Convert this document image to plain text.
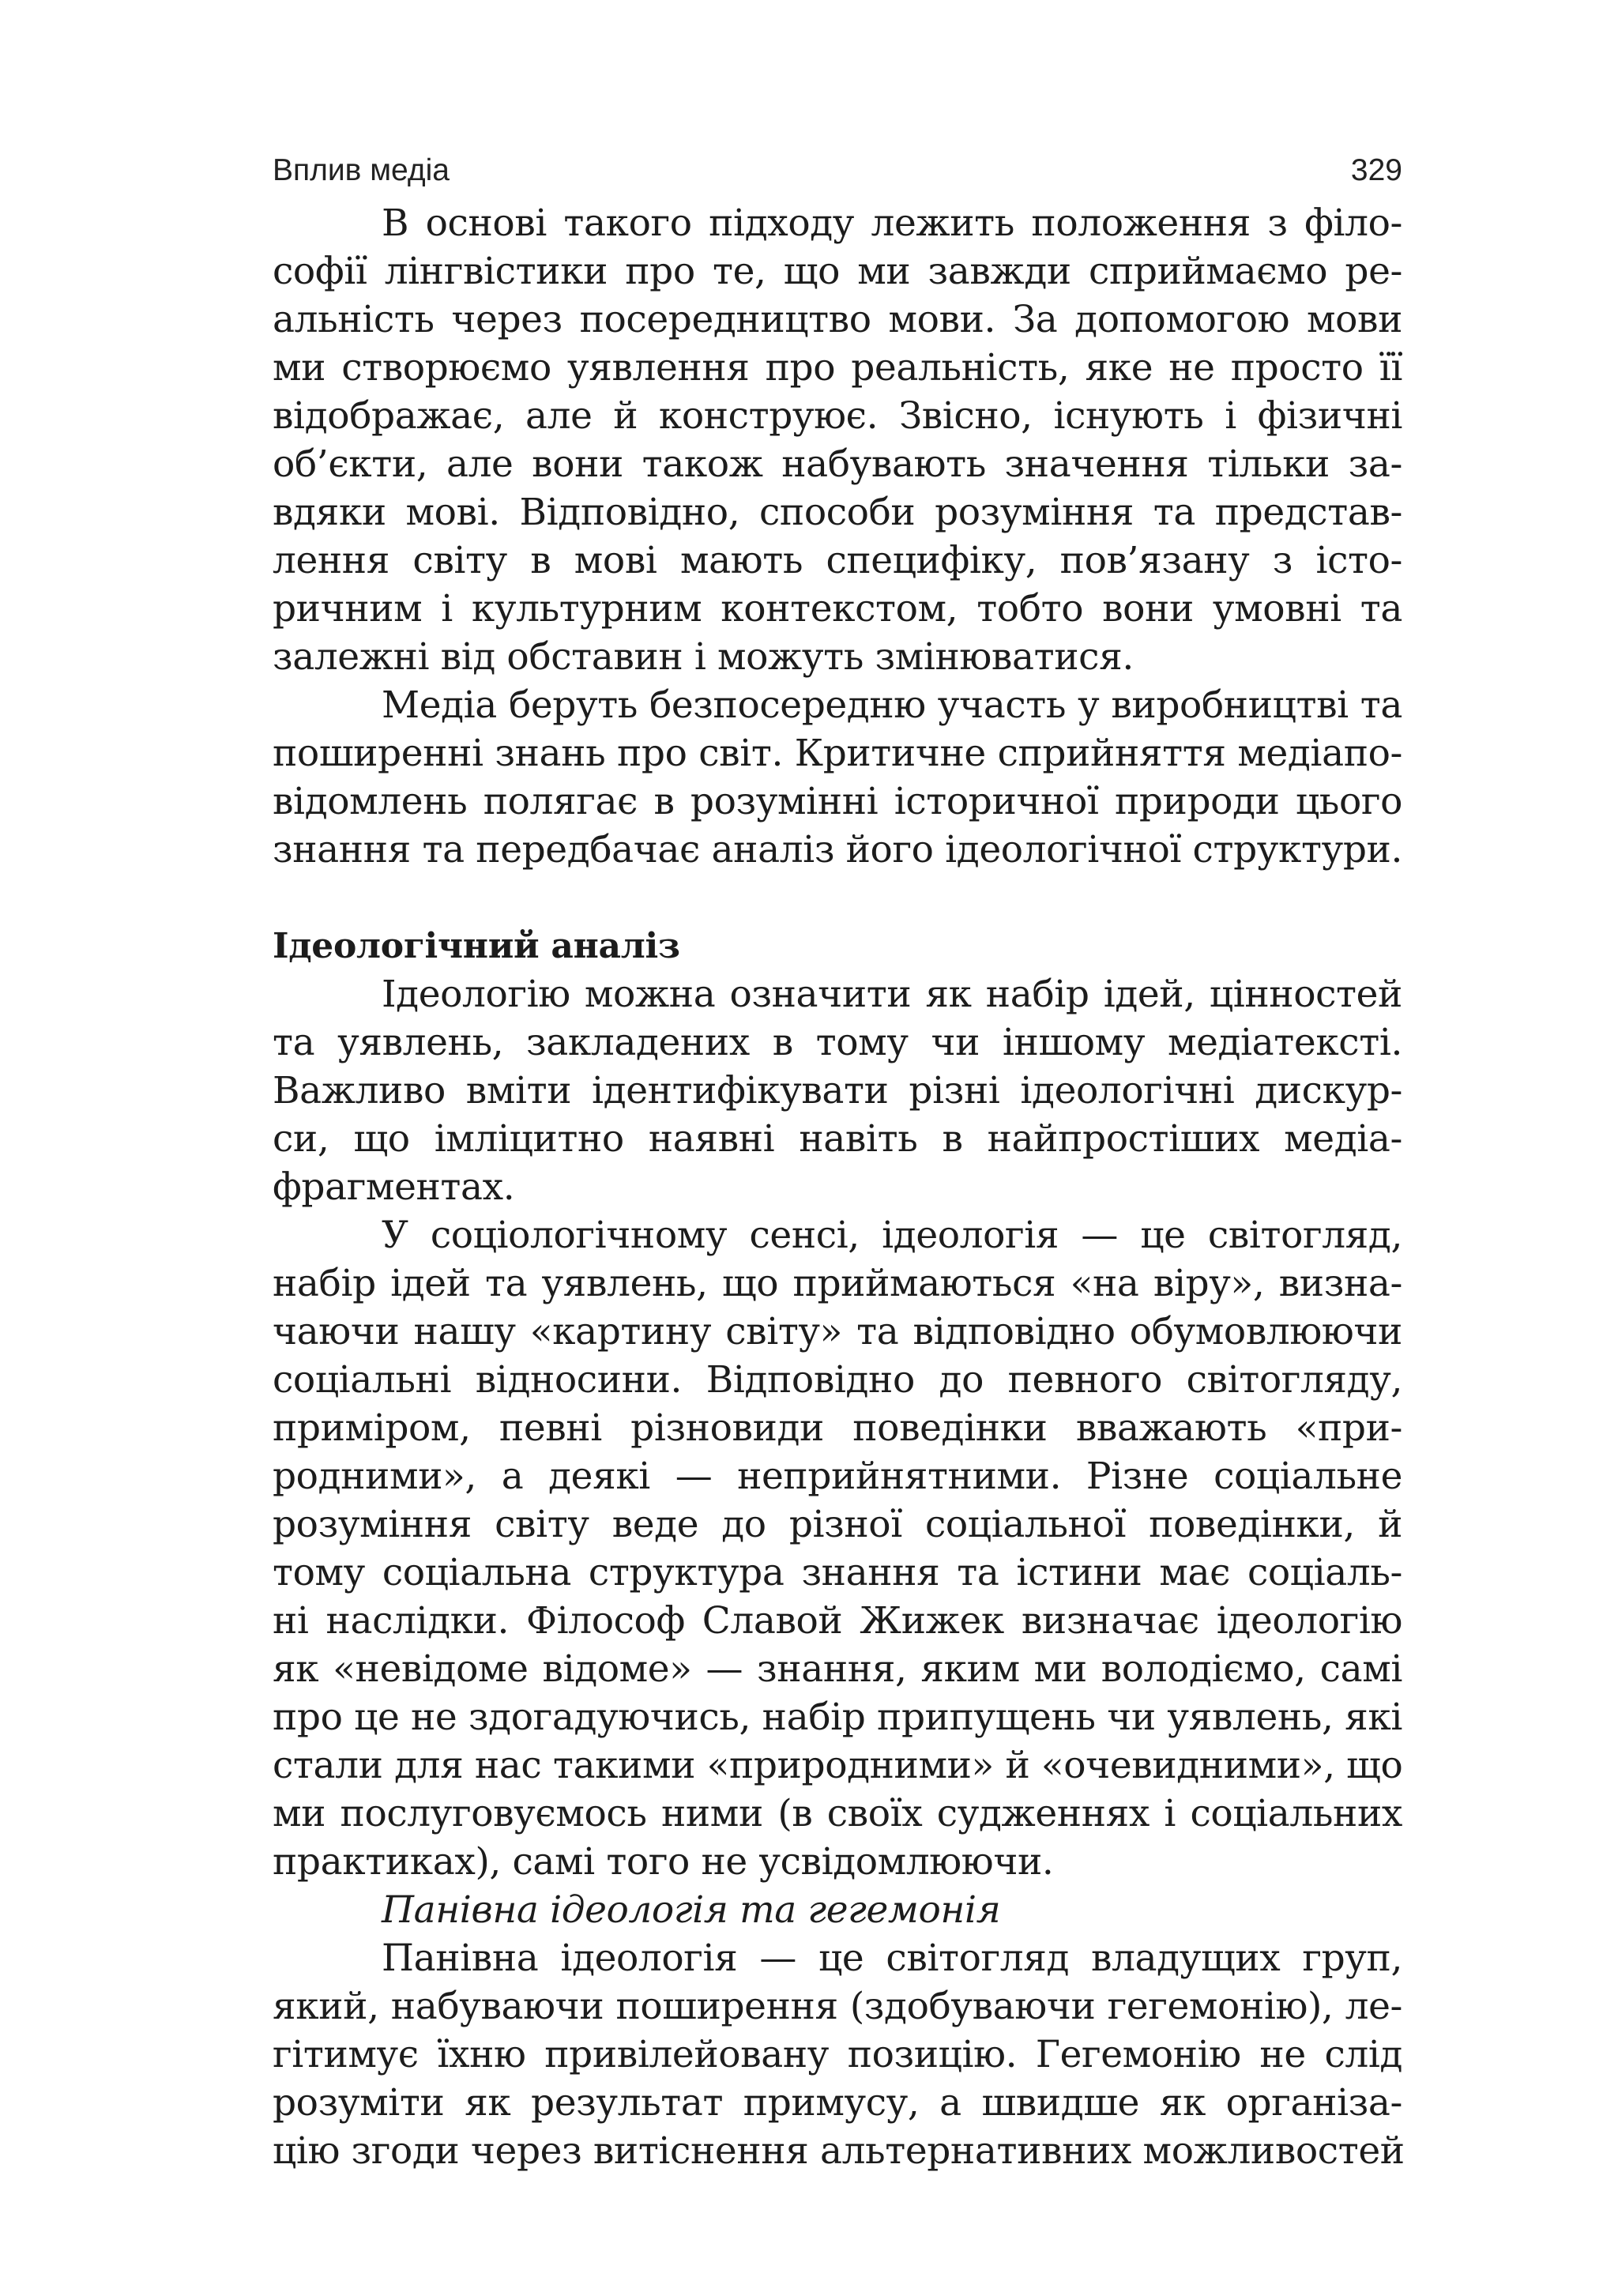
Вплив медіа	329

В основі такого підходу лежить положення з філо-
софії лінгвістики про те, що ми завжди сприймаємо ре-
альність через посередництво мови. За допомогою мови
ми створюємо уявлення про реальність, яке не просто її
відображає, але й конструює. Звісно, існують і фізичні
об’єкти, але вони також набувають значення тільки за-
вдяки мові. Відповідно, способи розуміння та представ-
лення світу в мові мають специфіку, пов’язану з істо-
ричним і культурним контекстом, тобто вони умовні та
залежні від обставин і можуть змінюватися.

Медіа беруть безпосередню участь у виробництві та
поширенні знань про світ. Критичне сприйняття медіапо-
відомлень полягає в розумінні історичної природи цього
знання та передбачає аналіз його ідеологічної структури.

Ідеологічний аналіз

Ідеологію можна означити як набір ідей, цінностей
та уявлень, закладених в тому чи іншому медіатексті.
Важливо вміти ідентифікувати різні ідеологічні дискур-
си, що імліцитно наявні навіть в найпростіших медіа-
фрагментах.

У соціологічному сенсі, ідеологія — це світогляд,
набір ідей та уявлень, що приймаються «на віру», визна-
чаючи нашу «картину світу» та відповідно обумовлюючи
соціальні відносини. Відповідно до певного світогляду,
приміром, певні різновиди поведінки вважають «при-
родними», а деякі — неприйнятними. Різне соціальне
розуміння світу веде до різної соціальної поведінки, й
тому соціальна структура знання та істини має соціаль-
ні наслідки. Філософ Славой Жижек визначає ідеологію
як «невідоме відоме» — знання, яким ми володіємо, самі
про це не здогадуючись, набір припущень чи уявлень, які
стали для нас такими «природними» й «очевидними», що
ми послуговуємось ними (в своїх судженнях і соціальних
практиках), самі того не усвідомлюючи.

Панівна ідеологія та гегемонія

Панівна ідеологія — це світогляд владущих груп,
який, набуваючи поширення (здобуваючи гегемонію), ле-
гітимує їхню привілейовану позицію. Гегемонію не слід
розуміти як результат примусу, а швидше як організа-
цію згоди через витіснення альтернативних можливостей
